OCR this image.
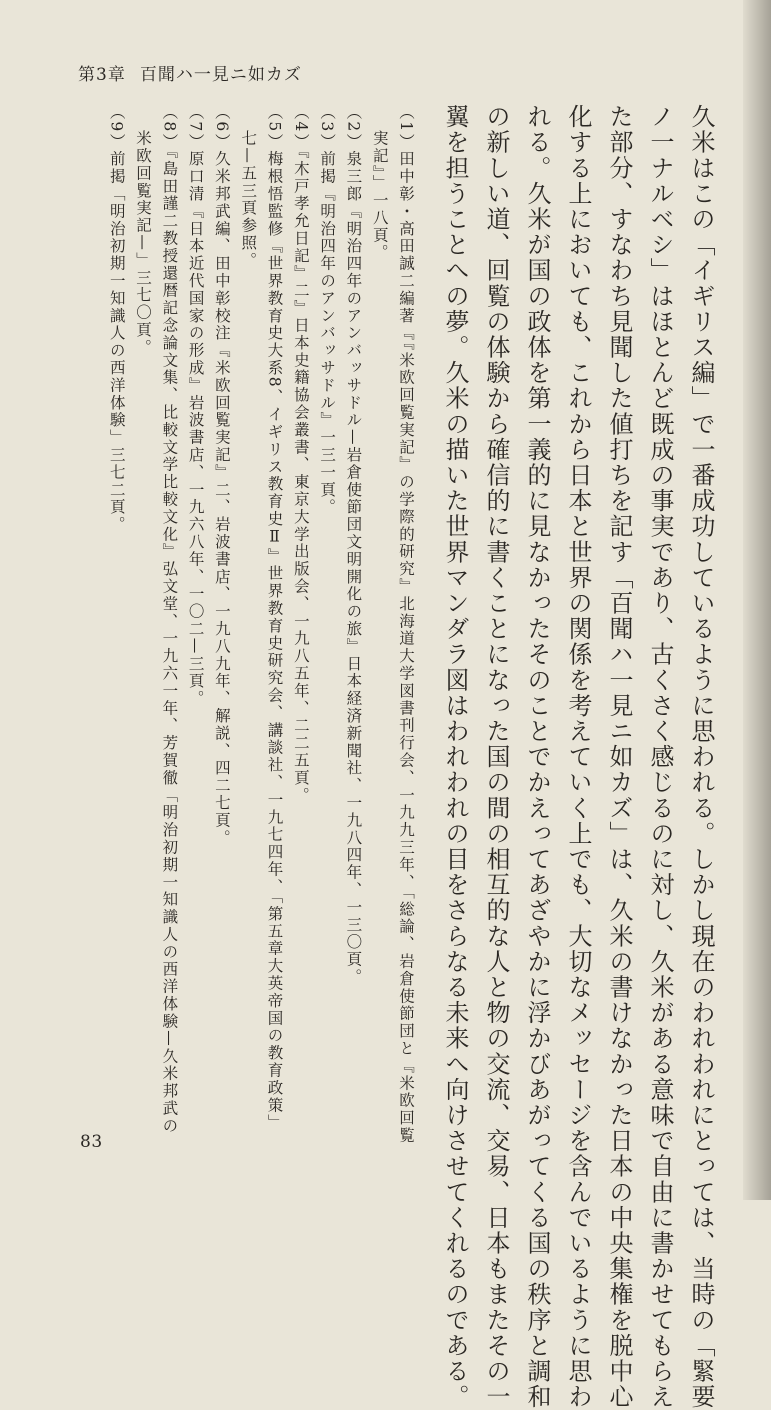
第3章 百聞ハ一見ニ如カズ
久米はこの「イギリス編」で一番成功しているように思われる。しかし現在のわれわれにとっては、当時の「緊要
ノ一ナルベシ」はほとんど既成の事実であり、古くさく感じるのに対し、久米がある意味で自由に書かせてもらえ
た部分、すなわち見聞した値打ちを記す「百聞ハ一見ニ如カズ」は、久米の書けなかった日本の中央集権を脱中心
化する上においても、これから日本と世界の関係を考えていく上でも、大切なメッセージを含んでいるように思わ
れる。久米が国の政体を第一義的に見なかったそのことでかえってあざやかに浮かびあがってくる国の秩序と調和
の新しい道、回覧の体験から確信的に書くことになった国の間の相互的な人と物の交流、交易、日本もまたその一
翼を担うことへの夢。久米の描いた世界マンダラ図はわれわれの目をさらなる未来へ向けさせてくれるのである。
（1）田中彰・高田誠二編著『『米欧回覧実記』の学際的研究』北海道大学図書刊行会、一九九三年、「総論、岩倉使節団と『米欧回覧
実記』」一八頁。
（2）泉三郎『明治四年のアンバッサドル—岩倉使節団文明開化の旅』日本経済新聞社、一九八四年、一三〇頁。
（3）前掲『明治四年のアンバッサドル』一三一頁。
（4）『木戸孝允日記』二』日本史籍協会叢書、東京大学出版会、一九八五年、二二五頁。
（5）梅根悟監修『世界教育史大系8、イギリス教育史Ⅱ』世界教育史研究会、講談社、一九七四年、「第五章大英帝国の教育政策」
七—五三頁参照。
（6）久米邦武編、田中彰校注『米欧回覧実記』二、岩波書店、一九八九年、解説、四二七頁。
（7）原口清『日本近代国家の形成』岩波書店、一九六八年、一〇二—三頁。
（8）『島田謹二教授還暦記念論文集、比較文学比較文化』弘文堂、一九六一年、芳賀徹「明治初期一知識人の西洋体験—久米邦武の
米欧回覧実記—」三七〇頁。
（9）前掲「明治初期一知識人の西洋体験」三七二頁。
83
